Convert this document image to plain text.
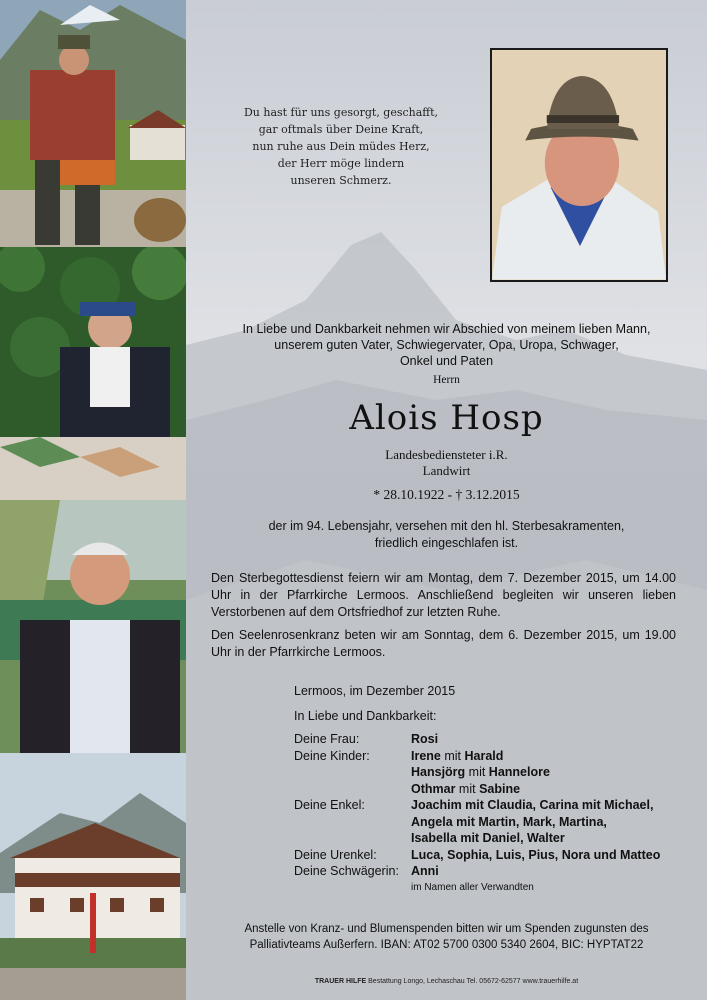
Du hast für uns gesorgt, geschafft,
gar oftmals über Deine Kraft,
nun ruhe aus Dein müdes Herz,
der Herr möge lindern
unseren Schmerz.
In Liebe und Dankbarkeit nehmen wir Abschied von meinem lieben Mann,
unserem guten Vater, Schwiegervater, Opa, Uropa, Schwager,
Onkel und Paten
Herrn
Alois Hosp
Landesbediensteter i.R.
Landwirt
* 28.10.1922 - † 3.12.2015
der im 94. Lebensjahr, versehen mit den hl. Sterbesakramenten,
friedlich eingeschlafen ist.
Den Sterbegottesdienst feiern wir am Montag, dem 7. Dezember 2015, um 14.00 Uhr in der Pfarrkirche Lermoos. Anschließend begleiten wir unseren lieben Verstorbenen auf dem Ortsfriedhof zur letzten Ruhe.
Den Seelenrosenkranz beten wir am Sonntag, dem 6. Dezember 2015, um 19.00 Uhr in der Pfarrkirche Lermoos.
Lermoos, im Dezember 2015
In Liebe und Dankbarkeit:
Deine Frau:	Rosi
Deine Kinder:	Irene mit Harald
Hansjörg mit Hannelore
Othmar mit Sabine
Deine Enkel:	Joachim mit Claudia, Carina mit Michael,
Angela mit Martin, Mark, Martina,
Isabella mit Daniel, Walter
Deine Urenkel:	Luca, Sophia, Luis, Pius, Nora und Matteo
Deine Schwägerin: Anni
im Namen aller Verwandten
Anstelle von Kranz- und Blumenspenden bitten wir um Spenden zugunsten des
Palliativteams Außerfern. IBAN: AT02 5700 0300 5340 2604, BIC: HYPTAT22
TRAUER HILFE Bestattung Longo, Lechaschau Tel. 05672-62577 www.trauerhilfe.at
